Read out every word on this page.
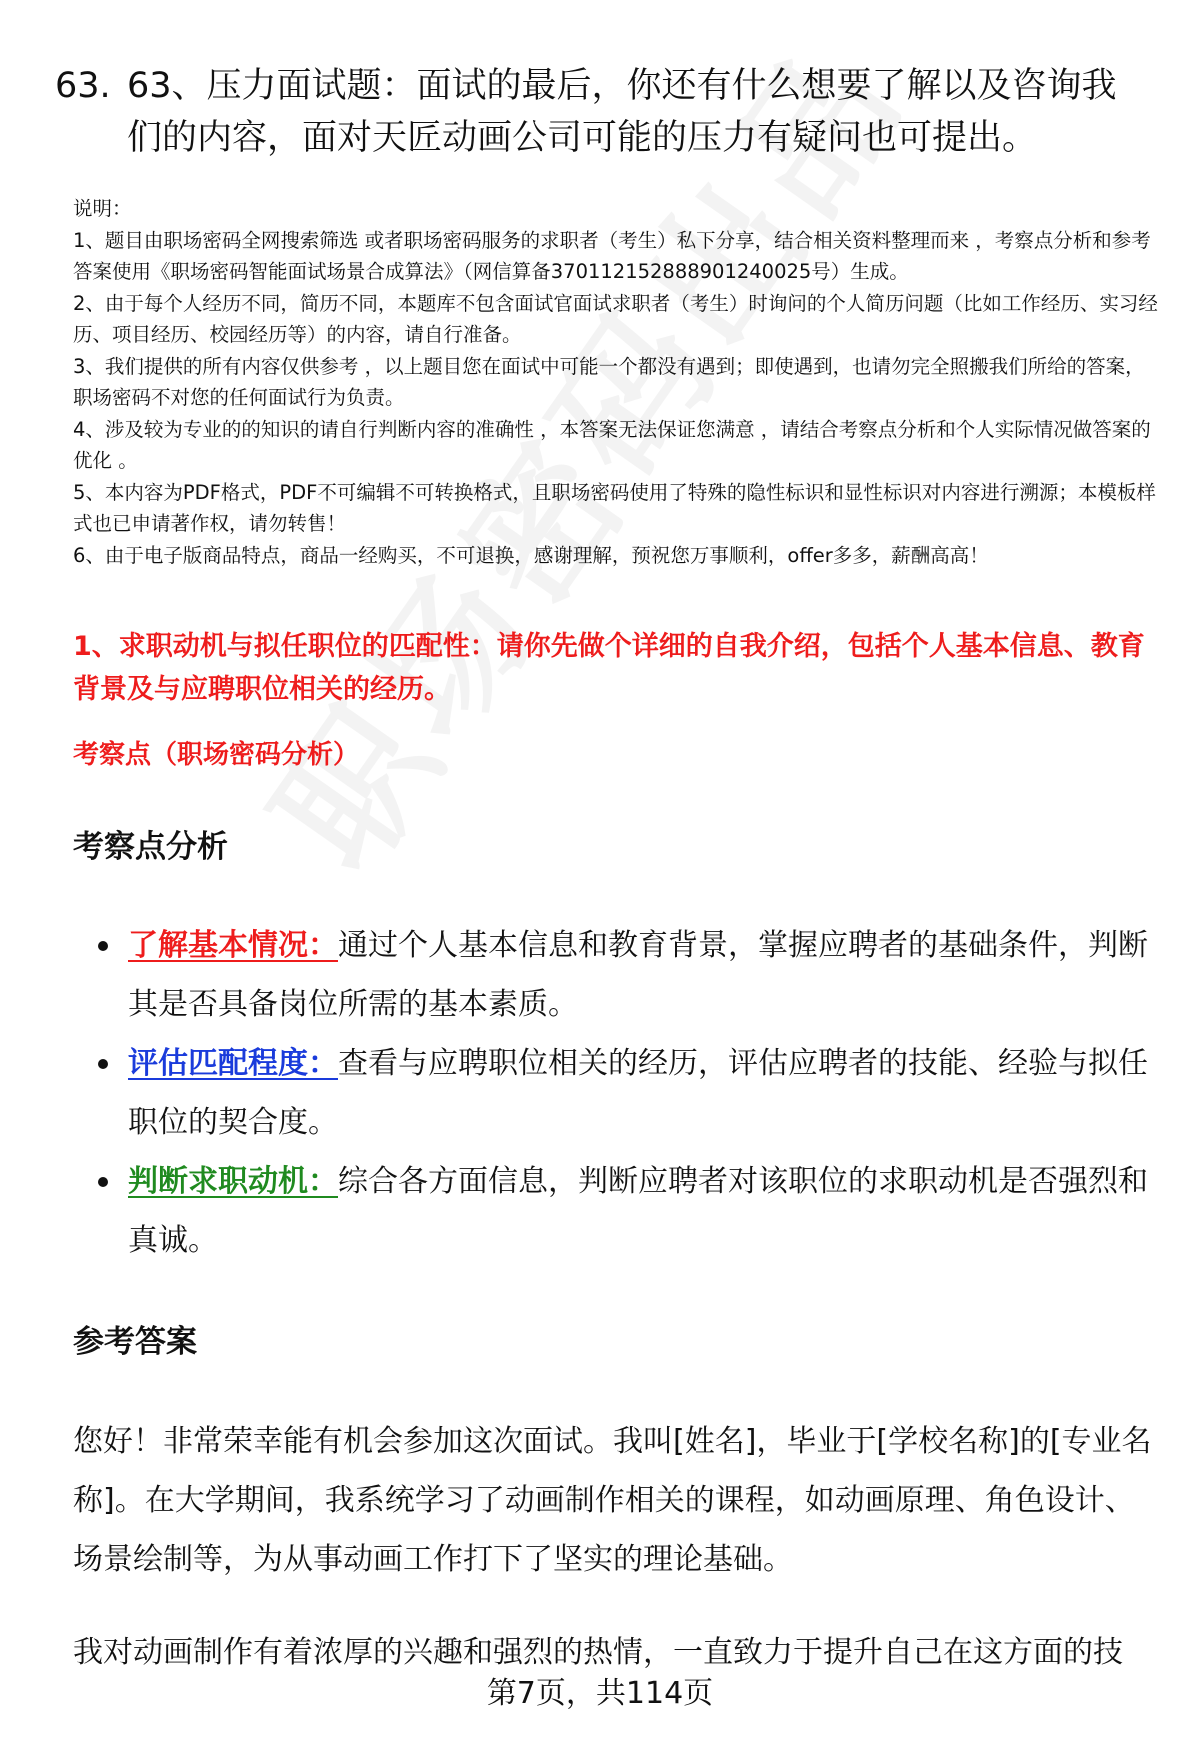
63. 63、压力面试题：面试的最后，你还有什么想要了解以及咨询我们的内容，面对天匠动画公司可能的压力有疑问也可提出。
说明：
1、题目由职场密码全网搜索筛选 或者职场密码服务的求职者（考生）私下分享，结合相关资料整理而来 ，考察点分析和参考答案使用《职场密码智能面试场景合成算法》（网信算备370112152888901240025号）生成。
2、由于每个人经历不同，简历不同，本题库不包含面试官面试求职者（考生）时询问的个人简历问题（比如工作经历、实习经历、项目经历、校园经历等）的内容，请自行准备。
3、我们提供的所有内容仅供参考 ，以上题目您在面试中可能一个都没有遇到；即使遇到，也请勿完全照搬我们所给的答案，职场密码不对您的任何面试行为负责。
4、涉及较为专业的的知识的请自行判断内容的准确性 ，本答案无法保证您满意 ，请结合考察点分析和个人实际情况做答案的优化 。
5、本内容为PDF格式，PDF不可编辑不可转换格式，且职场密码使用了特殊的隐性标识和显性标识对内容进行溯源；本模板样式也已申请著作权，请勿转售！
6、由于电子版商品特点，商品一经购买，不可退换，感谢理解，预祝您万事顺利，offer多多，薪酬高高！

1、求职动机与拟任职位的匹配性：请你先做个详细的自我介绍，包括个人基本信息、教育背景及与应聘职位相关的经历。

考察点（职场密码分析）

考察点分析
了解基本情况：通过个人基本信息和教育背景，掌握应聘者的基础条件，判断其是否具备岗位所需的基本素质。
评估匹配程度：查看与应聘职位相关的经历，评估应聘者的技能、经验与拟任职位的契合度。
判断求职动机：综合各方面信息，判断应聘者对该职位的求职动机是否强烈和真诚。
参考答案

您好！非常荣幸能有机会参加这次面试。我叫[姓名]，毕业于[学校名称]的[专业名称]。在大学期间，我系统学习了动画制作相关的课程，如动画原理、角色设计、场景绘制等，为从事动画工作打下了坚实的理论基础。

我对动画制作有着浓厚的兴趣和强烈的热情，一直致力于提升自己在这方面的技

第7页，共114页
